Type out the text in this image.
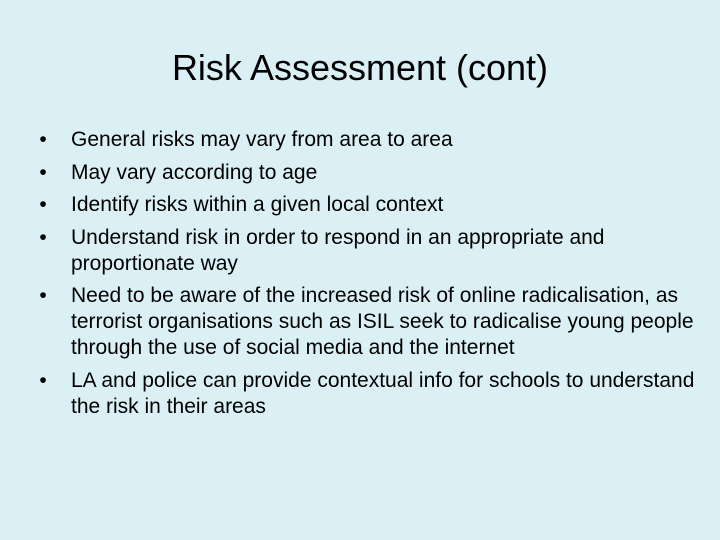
Risk Assessment (cont)
• General risks may vary from area to area
• May vary according to age
• Identify risks within a given local context
• Understand risk in order to respond in an appropriate and proportionate way
• Need to be aware of the increased risk of online radicalisation, as terrorist organisations such as ISIL seek to radicalise young people through the use of social media and the internet
• LA and police can provide contextual info for schools to understand the risk in their areas
